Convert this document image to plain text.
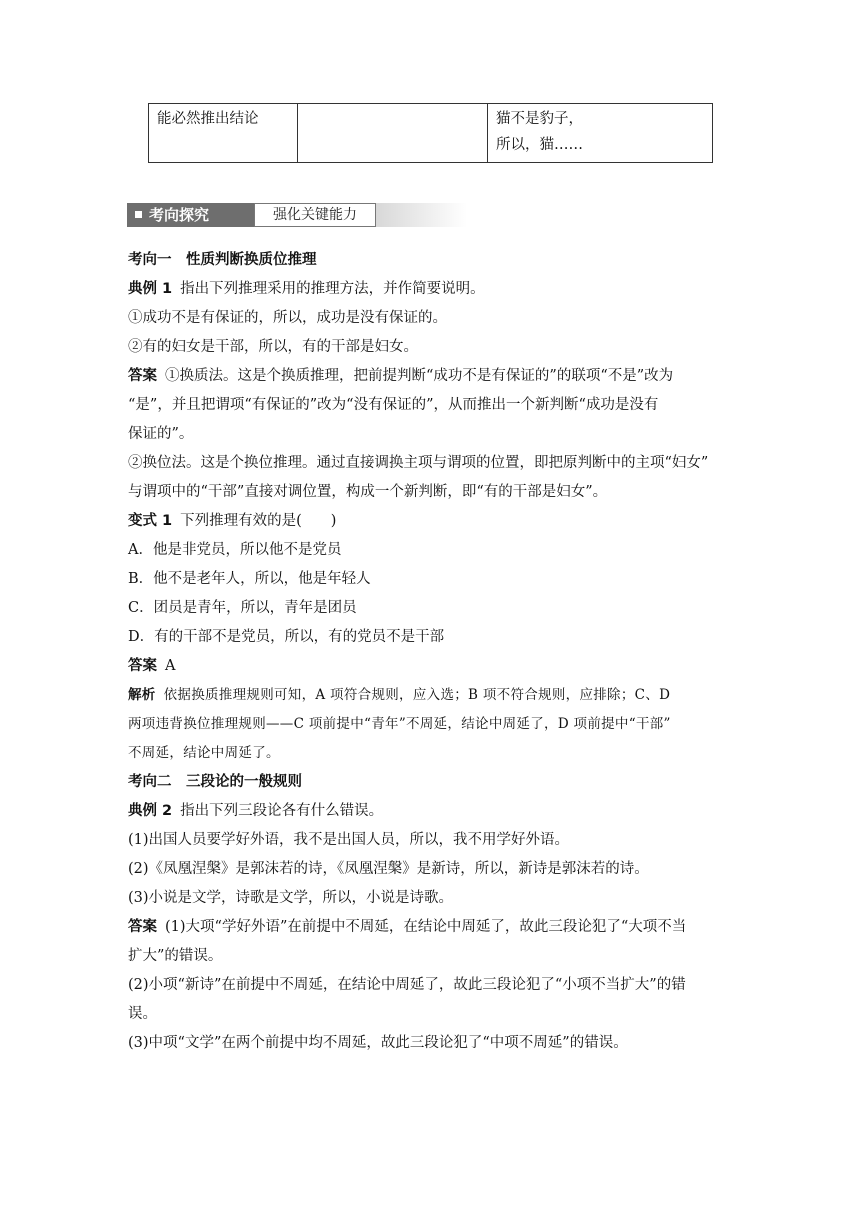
能必然推出结论		猫不是豹子，
所以，猫……
考向探究	强化关键能力

考向一　性质判断换质位推理

典例 1 指出下列推理采用的推理方法，并作简要说明。

①成功不是有保证的，所以，成功是没有保证的。

②有的妇女是干部，所以，有的干部是妇女。

答案 ①换质法。这是个换质推理，把前提判断“成功不是有保证的”的联项“不是”改为

“是”，并且把谓项“有保证的”改为“没有保证的”，从而推出一个新判断“成功是没有

保证的”。

②换位法。这是个换位推理。通过直接调换主项与谓项的位置，即把原判断中的主项“妇女”

与谓项中的“干部”直接对调位置，构成一个新判断，即“有的干部是妇女”。

变式 1 下列推理有效的是(　　)

A．他是非党员，所以他不是党员

B．他不是老年人，所以，他是年轻人

C．团员是青年，所以，青年是团员

D．有的干部不是党员，所以，有的党员不是干部

答案 A

解析 依据换质推理规则可知，A 项符合规则，应入选；B 项不符合规则，应排除；C、D

两项违背换位推理规则——C 项前提中“青年”不周延，结论中周延了，D 项前提中“干部”

不周延，结论中周延了。

考向二　三段论的一般规则

典例 2 指出下列三段论各有什么错误。

(1)出国人员要学好外语，我不是出国人员，所以，我不用学好外语。

(2)《凤凰涅槃》是郭沫若的诗，《凤凰涅槃》是新诗，所以，新诗是郭沫若的诗。

(3)小说是文学，诗歌是文学，所以，小说是诗歌。

答案 (1)大项“学好外语”在前提中不周延，在结论中周延了，故此三段论犯了“大项不当

扩大”的错误。

(2)小项“新诗”在前提中不周延，在结论中周延了，故此三段论犯了“小项不当扩大”的错

误。

(3)中项“文学”在两个前提中均不周延，故此三段论犯了“中项不周延”的错误。
